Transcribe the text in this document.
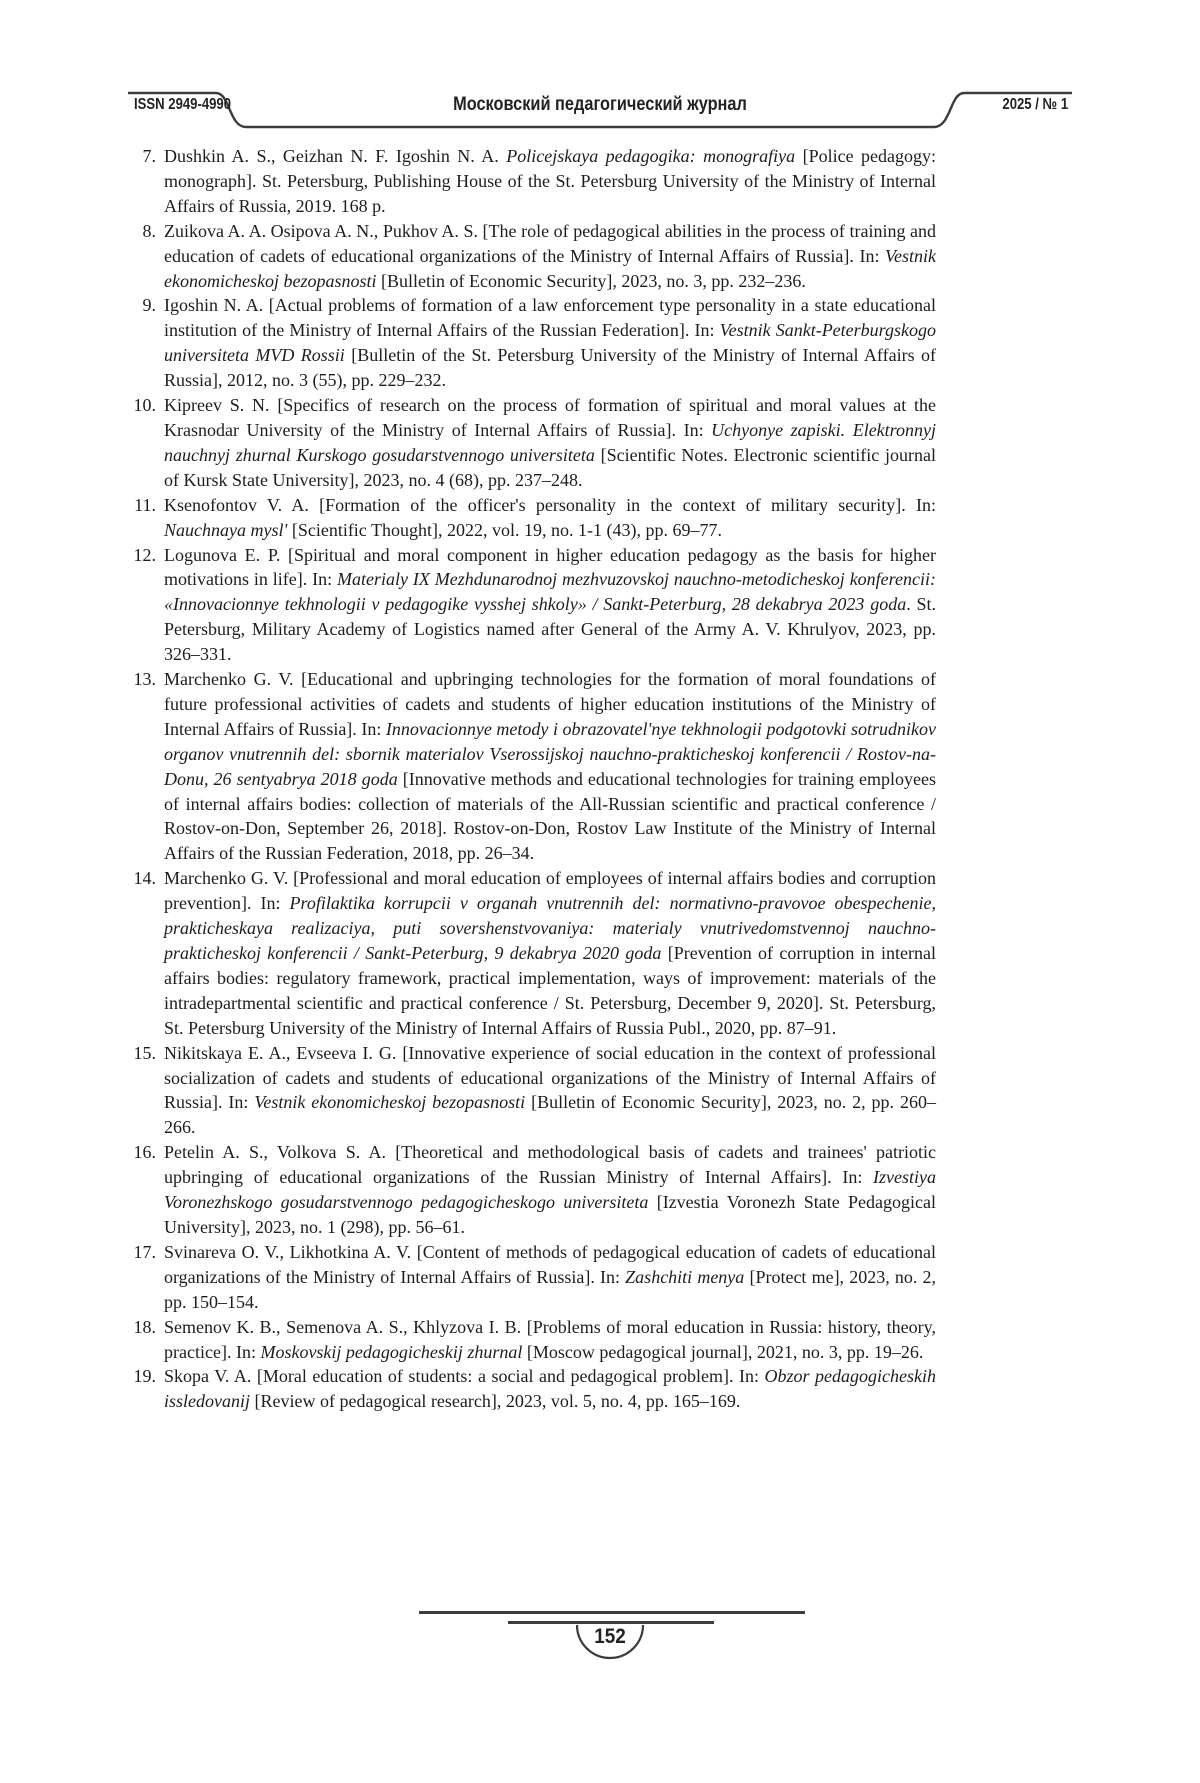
ISSN 2949-4990	Московский педагогический журнал	2025 / № 1
7. Dushkin A. S., Geizhan N. F. Igoshin N. A. Policejskaya pedagogika: monografiya [Police pedagogy: monograph]. St. Petersburg, Publishing House of the St. Petersburg University of the Ministry of Internal Affairs of Russia, 2019. 168 p.
8. Zuikova A. A. Osipova A. N., Pukhov A. S. [The role of pedagogical abilities in the process of training and education of cadets of educational organizations of the Ministry of Internal Affairs of Russia]. In: Vestnik ekonomicheskoj bezopasnosti [Bulletin of Economic Security], 2023, no. 3, pp. 232–236.
9. Igoshin N. A. [Actual problems of formation of a law enforcement type personality in a state educational institution of the Ministry of Internal Affairs of the Russian Federation]. In: Vestnik Sankt-Peterburgskogo universiteta MVD Rossii [Bulletin of the St. Petersburg University of the Ministry of Internal Affairs of Russia], 2012, no. 3 (55), pp. 229–232.
10. Kipreev S. N. [Specifics of research on the process of formation of spiritual and moral values at the Krasnodar University of the Ministry of Internal Affairs of Russia]. In: Uchyonye zapiski. Elektronnyj nauchnyj zhurnal Kurskogo gosudarstvennogo universiteta [Scientific Notes. Electronic scientific journal of Kursk State University], 2023, no. 4 (68), pp. 237–248.
11. Ksenofontov V. A. [Formation of the officer's personality in the context of military security]. In: Nauchnaya mysl' [Scientific Thought], 2022, vol. 19, no. 1-1 (43), pp. 69–77.
12. Logunova E. P. [Spiritual and moral component in higher education pedagogy as the basis for higher motivations in life]. In: Materialy IX Mezhdunarodnoj mezhvuzovskoj nauchno-metodicheskoj konferencii: «Innovacionnye tekhnologii v pedagogike vysshej shkoly» / Sankt-Peterburg, 28 dekabrya 2023 goda. St. Petersburg, Military Academy of Logistics named after General of the Army A. V. Khrulyov, 2023, pp. 326–331.
13. Marchenko G. V. [Educational and upbringing technologies for the formation of moral foundations of future professional activities of cadets and students of higher education institutions of the Ministry of Internal Affairs of Russia]. In: Innovacionnye metody i obrazovatel'nye tekhnologii podgotovki sotrudnikov organov vnutrennih del: sbornik materialov Vserossijskoj nauchno-prakticheskoj konferencii / Rostov-na-Donu, 26 sentyabrya 2018 goda [Innovative methods and educational technologies for training employees of internal affairs bodies: collection of materials of the All-Russian scientific and practical conference / Rostov-on-Don, September 26, 2018]. Rostov-on-Don, Rostov Law Institute of the Ministry of Internal Affairs of the Russian Federation, 2018, pp. 26–34.
14. Marchenko G. V. [Professional and moral education of employees of internal affairs bodies and corruption prevention]. In: Profilaktika korrupcii v organah vnutrennih del: normativno-pravovoe obespechenie, prakticheskaya realizaciya, puti sovershenstvovaniya: materialy vnutrivedomstvennoj nauchno-prakticheskoj konferencii / Sankt-Peterburg, 9 dekabrya 2020 goda [Prevention of corruption in internal affairs bodies: regulatory framework, practical implementation, ways of improvement: materials of the intradepartmental scientific and practical conference / St. Petersburg, December 9, 2020]. St. Petersburg, St. Petersburg University of the Ministry of Internal Affairs of Russia Publ., 2020, pp. 87–91.
15. Nikitskaya E. A., Evseeva I. G. [Innovative experience of social education in the context of professional socialization of cadets and students of educational organizations of the Ministry of Internal Affairs of Russia]. In: Vestnik ekonomicheskoj bezopasnosti [Bulletin of Economic Security], 2023, no. 2, pp. 260–266.
16. Petelin A. S., Volkova S. A. [Theoretical and methodological basis of cadets and trainees' patriotic upbringing of educational organizations of the Russian Ministry of Internal Affairs]. In: Izvestiya Voronezhskogo gosudarstvennogo pedagogicheskogo universiteta [Izvestia Voronezh State Pedagogical University], 2023, no. 1 (298), pp. 56–61.
17. Svinareva O. V., Likhotkina A. V. [Content of methods of pedagogical education of cadets of educational organizations of the Ministry of Internal Affairs of Russia]. In: Zashchiti menya [Protect me], 2023, no. 2, pp. 150–154.
18. Semenov K. B., Semenova A. S., Khlyzova I. B. [Problems of moral education in Russia: history, theory, practice]. In: Moskovskij pedagogicheskij zhurnal [Moscow pedagogical journal], 2021, no. 3, pp. 19–26.
19. Skopa V. A. [Moral education of students: a social and pedagogical problem]. In: Obzor pedagogicheskih issledovanij [Review of pedagogical research], 2023, vol. 5, no. 4, pp. 165–169.
152
